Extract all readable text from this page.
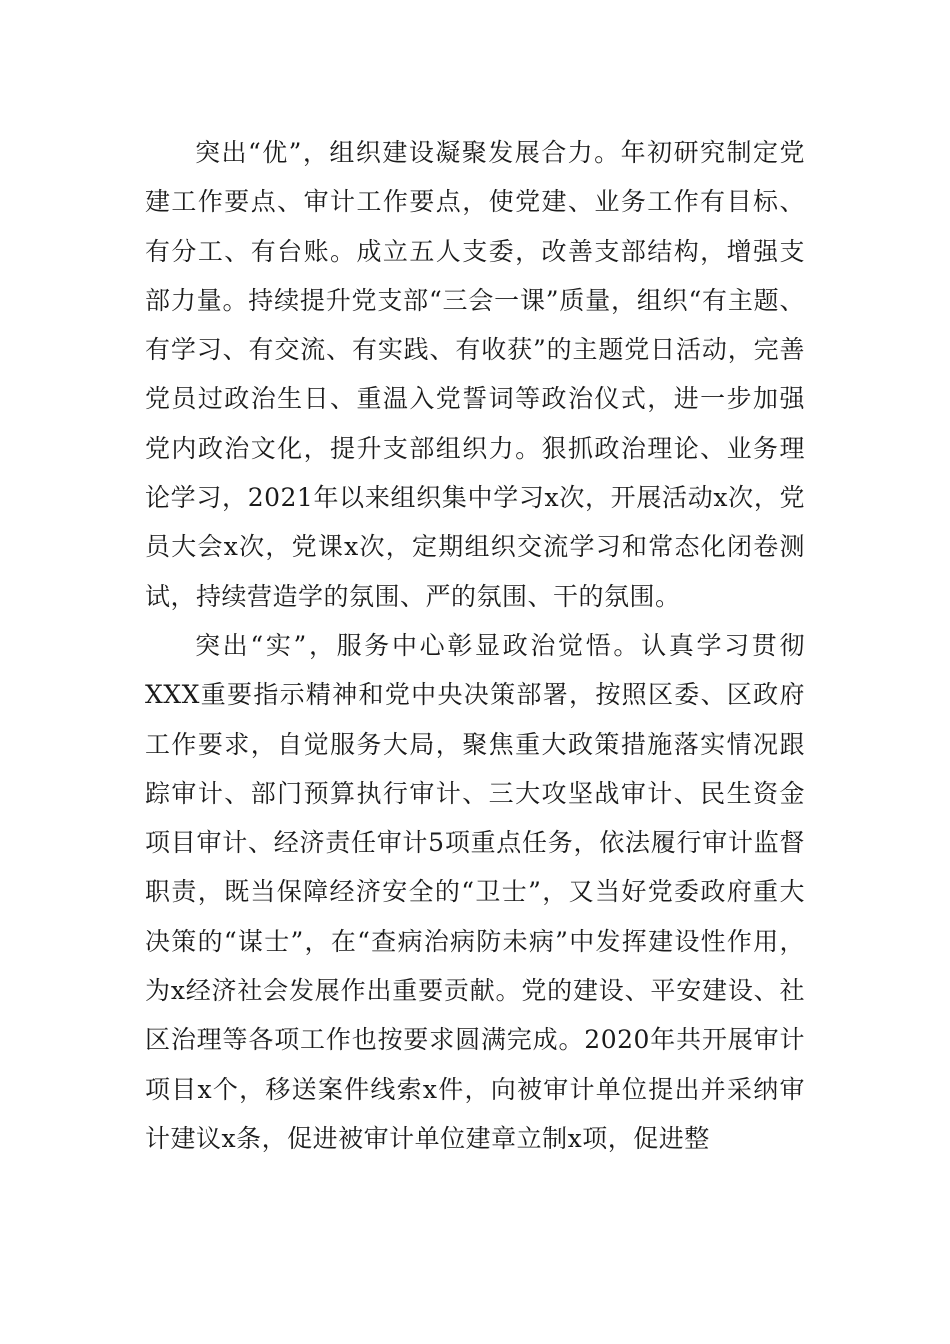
突出“优”，组织建设凝聚发展合力。年初研究制定党建工作要点、审计工作要点，使党建、业务工作有目标、有分工、有台账。成立五人支委，改善支部结构，增强支部力量。持续提升党支部“三会一课”质量，组织“有主题、有学习、有交流、有实践、有收获”的主题党日活动，完善党员过政治生日、重温入党誓词等政治仪式，进一步加强党内政治文化，提升支部组织力。狠抓政治理论、业务理论学习，2021年以来组织集中学习x次，开展活动x次，党员大会x次，党课x次，定期组织交流学习和常态化闭卷测试，持续营造学的氛围、严的氛围、干的氛围。

突出“实”，服务中心彰显政治觉悟。认真学习贯彻XXX重要指示精神和党中央决策部署，按照区委、区政府工作要求，自觉服务大局，聚焦重大政策措施落实情况跟踪审计、部门预算执行审计、三大攻坚战审计、民生资金项目审计、经济责任审计5项重点任务，依法履行审计监督职责，既当保障经济安全的“卫士”，又当好党委政府重大决策的“谋士”，在“查病治病防未病”中发挥建设性作用，为x经济社会发展作出重要贡献。党的建设、平安建设、社区治理等各项工作也按要求圆满完成。2020年共开展审计项目x个，移送案件线索x件，向被审计单位提出并采纳审计建议x条，促进被审计单位建章立制x项，促进整
